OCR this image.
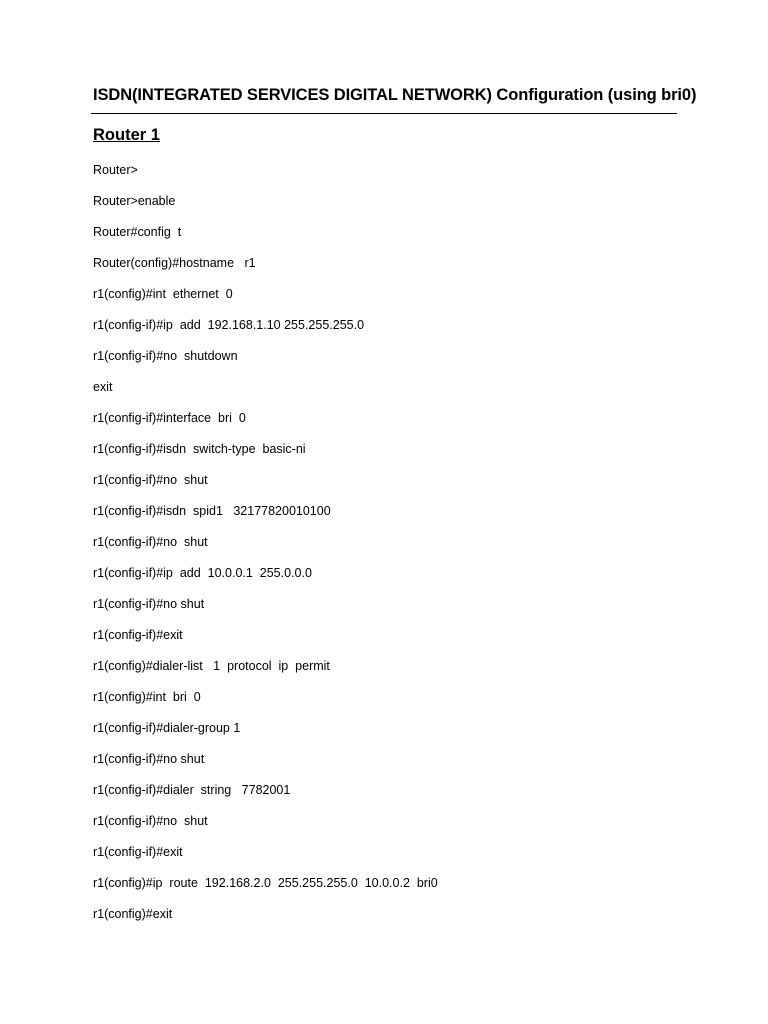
ISDN(INTEGRATED SERVICES DIGITAL NETWORK) Configuration (using bri0)
Router 1
Router>
Router>enable
Router#config  t
Router(config)#hostname   r1
r1(config)#int  ethernet  0
r1(config-if)#ip  add  192.168.1.10 255.255.255.0
r1(config-if)#no  shutdown
exit
r1(config-if)#interface  bri  0
r1(config-if)#isdn  switch-type  basic-ni
r1(config-if)#no  shut
r1(config-if)#isdn  spid1   32177820010100
r1(config-if)#no  shut
r1(config-if)#ip  add  10.0.0.1  255.0.0.0
r1(config-if)#no shut
r1(config-if)#exit
r1(config)#dialer-list   1  protocol  ip  permit
r1(config)#int  bri  0
r1(config-if)#dialer-group 1
r1(config-if)#no shut
r1(config-if)#dialer  string   7782001
r1(config-if)#no  shut
r1(config-if)#exit
r1(config)#ip  route  192.168.2.0  255.255.255.0  10.0.0.2  bri0
r1(config)#exit
